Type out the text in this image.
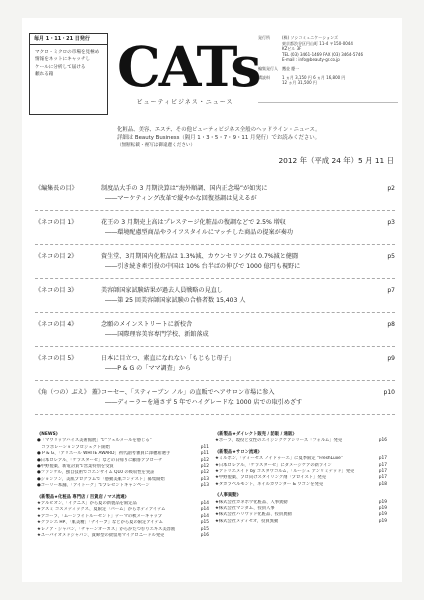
毎月 1・11・21 日発行
マクロ・ミクロの市場を見極め
情報をネットにキャッチし
ケールに分析して届ける
頼れる箱	CATs
ビューティビジネス・ニュース
発行所	(株) ソシコミュニケーションズ
東京都渋谷区円山町 11-4 〒150-0044
KZビル 3F
TEL (03) 3461-1469 FAX (03) 3464-5746
E-mail : info@beauty-gr.co.jp
編集発行人	鷹並 慶一
購読料	1 ヵ月 3,150 円 6 ヵ月 16,800 円
12 ヵ月 31,500 円
化粧品、美容、エステ、その他ビューティビジネス全般のヘッドライン・ニュース。
詳細は Beauty Business（隔月 1・3・5・7・9・11 月発行）でお読みください。
（無断転載・複写は御遠慮ください）
2012 年（平成 24 年）5 月 11 日
《編集長の目》	制度品大手の 3 月期決算は“海外順調、国内正念場”が如実に
――マーケティング改革で縦やかな回復基調は見えるが
p2
《ネコの目 1》	花王の 3 月期売上高はプレステージ化粧品の復調などで 2.5% 増収
――環境配慮型商品やライフスタイルにマッチした商品の提案が奏功
p3
《ネコの目 2》	資生堂、3月期国内化粧品は 1.3%減、カウンセリングは 0.7%減と健闘
――引き続き牽引役の中国は 10% 台半ばの伸びで 1000 億円も視野に
p5
《ネコの目 3》	美容師国家試験結果が過去人員戦略の見直し
――第 25 回美容師国家試験の合格者数 15,403 人
p7
《ネコの目 4》	念願のメインストリートに新校舎
――国際理容美容専門学校、新館落成
p8
《ネコの目 5》	日本に目立つ、素直になれない「もじもじ母子」
――P & G の「ママ調査」から
p9
《角（つの）ぶえ》 蓋》
コーセー、「スティーブン ノル」の直販でヘアサロン市場に参入
――ディーラーを通さず 5 年でハイグレードな 1000 店での取引めざす
p10
《NEWS》
●「マウリッツハイス美術館展」で“フェルメールを感じる”
　コラボレーションプロジェクト開始	p11
● P & G、「アリエール WHITE AWARD」初代副考審員に澤穂希選手	p11
●日本ロレアル、「ケラスターゼ」などの日帰りに顧客アプローチ	p12
●中野製薬、新電討賞で営業特別を受賞	p12
●ファンケル、独自技術でコエンザイム Q10 の吸収性を実証	p12
●ジョンソン、美肌プログラムで「感動美肌コンテスト」募集開始	p13
●コーリー本舗、「アイトーク」でプレゼントキャンペーン	p13
《新製品★化粧品 専門店 / 百貨店 / マス流通》
★アルビオン、「イグニス」から夏の新製品を限定品	p14
★アスミ コスメティックス、夏限定「パーム」からボディアイテム	p14
★アコーラ、「ムーンライトルーセント」テーマの秋メーキャップ	p14
★クラシエ HP、「肌美精」「ナイーブ」などから夏の限定アイテム	p15
★レノア・ジャパン、「チャーンオーカス」からかたつむりエキス美容液	p15
★ユーバイオメドジャパン、貴婦型の費留用マイクロニードル発売	p16
《新製品★ダイレクト販売 / 訪販 / 通販》
★ポーラ、現役と女性のエイジングケアシリーズ「フォルム」発売	p16
《新製品★サロン流通》
★ミルボン、「ディーセス ノイドゥーエ」に夏季限定 “FreshLuxe”	p17
★日本ロレアル、「ケラスターゼ」にダメージケアの新ライン	p17
★アトリエメイド by コスタウコルム、「ルージュ アンリミテッド」発売	p17
★中野製薬、プロ向けスタイリング剤「プロイスト」発売	p17
★タカラベルモント、ネイルカウンター & ワゴンを発売	p18
《人事異動》
★株式会社カネボウ化粧品、人事異動	p19
★株式会社マンダム、役員人事	p19
★株式会社ハリウッド化粧品、役員異動	p19
★株式会社メディセオ、役員異動	p19
